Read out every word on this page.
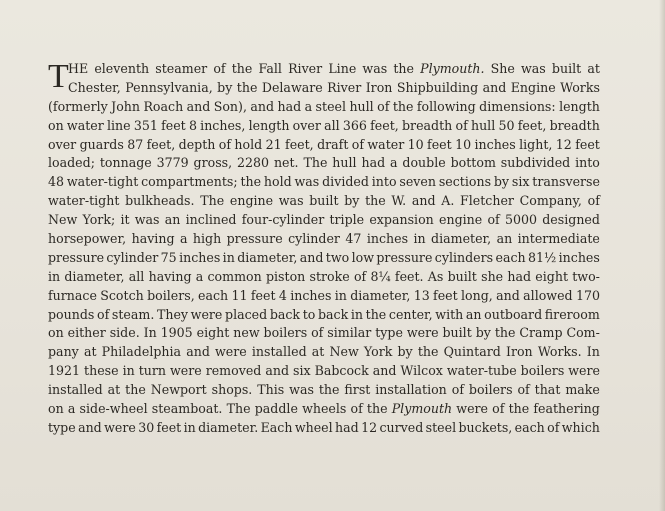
T HE eleventh steamer of the Fall River Line was the Plymouth. She was built at
Chester, Pennsylvania, by the Delaware River Iron Shipbuilding and Engine Works
(formerly John Roach and Son), and had a steel hull of the following dimensions: length
on water line 351 feet 8 inches, length over all 366 feet, breadth of hull 50 feet, breadth
over guards 87 feet, depth of hold 21 feet, draft of water 10 feet 10 inches light, 12 feet
loaded; tonnage 3779 gross, 2280 net. The hull had a double bottom subdivided into
48 water-tight compartments; the hold was divided into seven sections by six transverse
water-tight bulkheads. The engine was built by the W. and A. Fletcher Company, of
New York; it was an inclined four-cylinder triple expansion engine of 5000 designed
horsepower, having a high pressure cylinder 47 inches in diameter, an intermediate
pressure cylinder 75 inches in diameter, and two low pressure cylinders each 81½ inches
in diameter, all having a common piston stroke of 8¼ feet. As built she had eight two-
furnace Scotch boilers, each 11 feet 4 inches in diameter, 13 feet long, and allowed 170
pounds of steam. They were placed back to back in the center, with an outboard fireroom
on either side. In 1905 eight new boilers of similar type were built by the Cramp Com-
pany at Philadelphia and were installed at New York by the Quintard Iron Works. In
1921 these in turn were removed and six Babcock and Wilcox water-tube boilers were
installed at the Newport shops. This was the first installation of boilers of that make
on a side-wheel steamboat. The paddle wheels of the Plymouth were of the feathering
type and were 30 feet in diameter. Each wheel had 12 curved steel buckets, each of which
